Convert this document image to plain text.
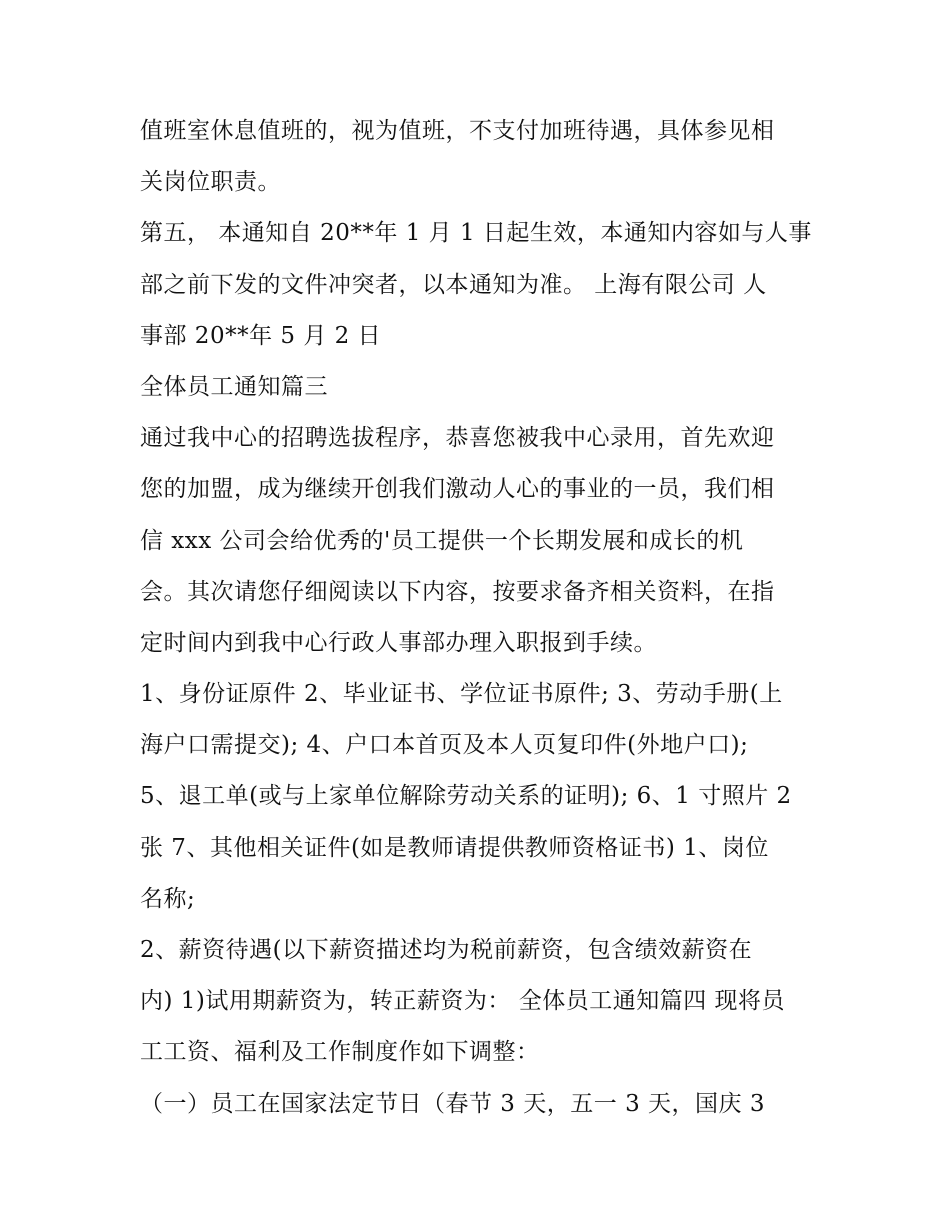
值班室休息值班的，视为值班，不支付加班待遇，具体参见相
关岗位职责。
第五， 本通知自 20**年 1 月 1 日起生效，本通知内容如与人事
部之前下发的文件冲突者，以本通知为准。 上海有限公司 人
事部 20**年 5 月 2 日
全体员工通知篇三
通过我中心的招聘选拔程序，恭喜您被我中心录用，首先欢迎
您的加盟，成为继续开创我们激动人心的事业的一员，我们相
信 xxx 公司会给优秀的'员工提供一个长期发展和成长的机
会。其次请您仔细阅读以下内容，按要求备齐相关资料，在指
定时间内到我中心行政人事部办理入职报到手续。
1、身份证原件 2、毕业证书、学位证书原件; 3、劳动手册(上
海户口需提交); 4、户口本首页及本人页复印件(外地户口);
5、退工单(或与上家单位解除劳动关系的证明); 6、1 寸照片 2
张 7、其他相关证件(如是教师请提供教师资格证书) 1、岗位
名称;
2、薪资待遇(以下薪资描述均为税前薪资，包含绩效薪资在
内) 1)试用期薪资为，转正薪资为： 全体员工通知篇四 现将员
工工资、福利及工作制度作如下调整：
（一）员工在国家法定节日（春节 3 天，五一 3 天，国庆 3
